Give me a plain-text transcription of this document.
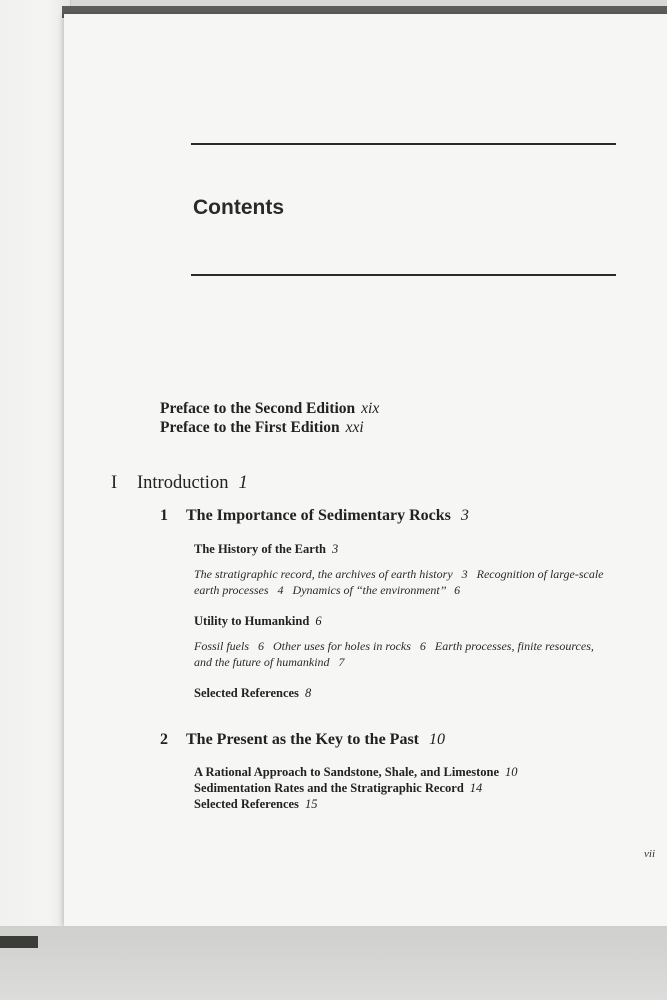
Contents
Preface to the Second Edition xix
Preface to the First Edition xxi
I Introduction 1
1 The Importance of Sedimentary Rocks 3
The History of the Earth 3
The stratigraphic record, the archives of earth history 3 Recognition of large-scale
earth processes 4 Dynamics of ‘‘the environment’’ 6
Utility to Humankind 6
Fossil fuels 6 Other uses for holes in rocks 6 Earth processes, finite resources,
and the future of humankind 7
Selected References 8
2 The Present as the Key to the Past 10
A Rational Approach to Sandstone, Shale, and Limestone 10
Sedimentation Rates and the Stratigraphic Record 14
Selected References 15
vii
